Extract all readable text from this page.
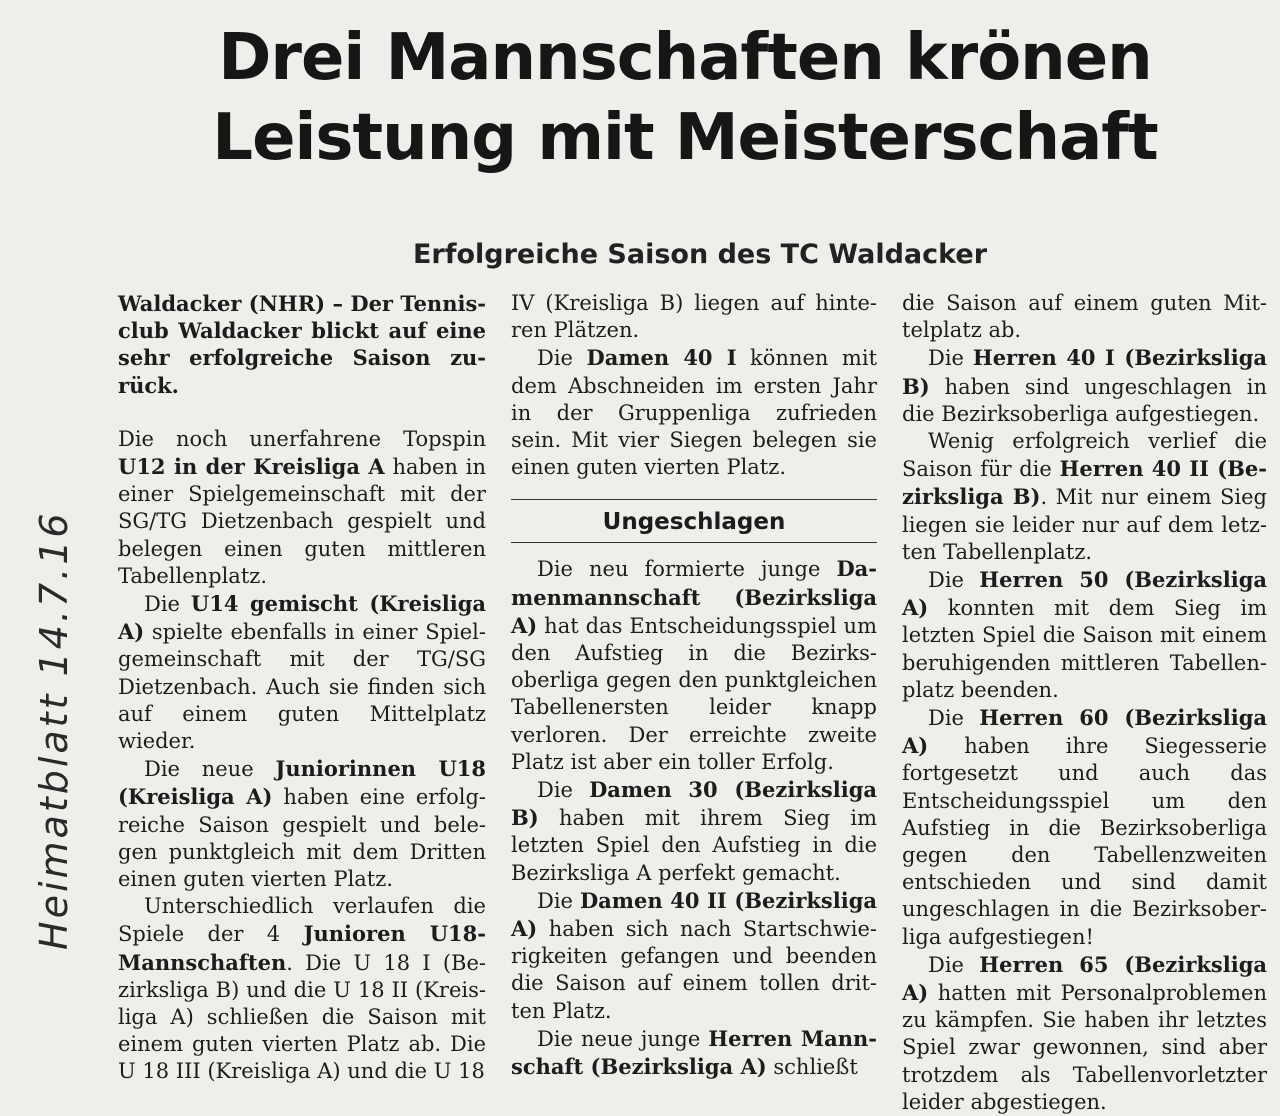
Drei Mannschaften krönen
Leistung mit Meisterschaft
Erfolgreiche Saison des TC Waldacker
Heimatblatt 14.7.16

Waldacker (NHR) – Der Tennisclub Waldacker blickt auf eine sehr erfolgreiche Saison zurück.

Die noch unerfahrene Topspin U12 in der Kreisliga A haben in einer Spielgemeinschaft mit der SG/TG Dietzenbach gespielt und belegen einen guten mittleren Tabellenplatz.

Die U14 gemischt (Kreisliga A) spielte ebenfalls in einer Spielgemeinschaft mit der TG/SG Dietzenbach. Auch sie finden sich auf einem guten Mittelplatz wieder.

Die neue Juniorinnen U18 (Kreisliga A) haben eine erfolgreiche Saison gespielt und belegen punktgleich mit dem Dritten einen guten vierten Platz.

Unterschiedlich verlaufen die Spiele der 4 Junioren U18-Mannschaften. Die U 18 I (Bezirksliga B) und die U 18 II (Kreisliga A) schließen die Saison mit einem guten vierten Platz ab. Die U 18 III (Kreisliga A) und die U 18

IV (Kreisliga B) liegen auf hinteren Plätzen.

Die Damen 40 I können mit dem Abschneiden im ersten Jahr in der Gruppenliga zufrieden sein. Mit vier Siegen belegen sie einen guten vierten Platz.

Ungeschlagen

Die neu formierte junge Damenmannschaft (Bezirksliga A) hat das Entscheidungsspiel um den Aufstieg in die Bezirksoberliga gegen den punktgleichen Tabellenersten leider knapp verloren. Der erreichte zweite Platz ist aber ein toller Erfolg.

Die Damen 30 (Bezirksliga B) haben mit ihrem Sieg im letzten Spiel den Aufstieg in die Bezirksliga A perfekt gemacht.

Die Damen 40 II (Bezirksliga A) haben sich nach Startschwierigkeiten gefangen und beenden die Saison auf einem tollen dritten Platz.

Die neue junge Herren Mannschaft (Bezirksliga A) schließt

die Saison auf einem guten Mittelplatz ab.

Die Herren 40 I (Bezirksliga B) haben sind ungeschlagen in die Bezirksoberliga aufgestiegen.

Wenig erfolgreich verlief die Saison für die Herren 40 II (Bezirksliga B). Mit nur einem Sieg liegen sie leider nur auf dem letzten Tabellenplatz.

Die Herren 50 (Bezirksliga A) konnten mit dem Sieg im letzten Spiel die Saison mit einem beruhigenden mittleren Tabellenplatz beenden.

Die Herren 60 (Bezirksliga A) haben ihre Siegesserie fortgesetzt und auch das Entscheidungsspiel um den Aufstieg in die Bezirksoberliga gegen den Tabellenzweiten entschieden und sind damit ungeschlagen in die Bezirksoberliga aufgestiegen!

Die Herren 65 (Bezirksliga A) hatten mit Personalproblemen zu kämpfen. Sie haben ihr letztes Spiel zwar gewonnen, sind aber trotzdem als Tabellenvorletzter leider abgestiegen.
